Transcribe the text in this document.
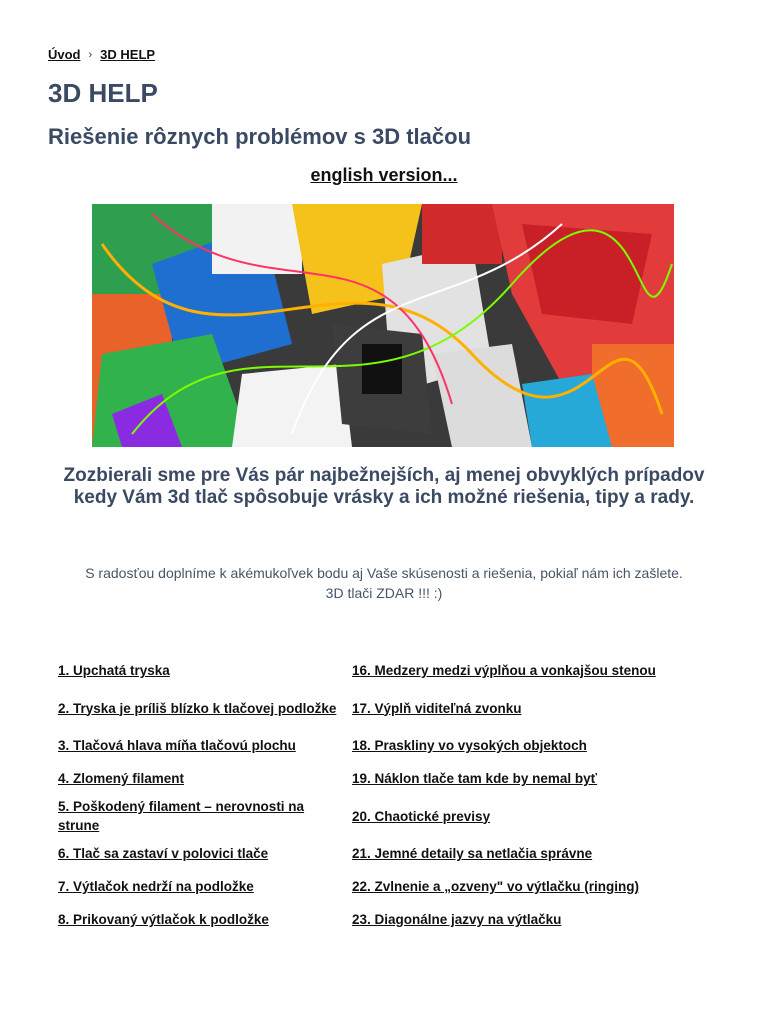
Úvod › 3D HELP
3D HELP
Riešenie rôznych problémov s 3D tlačou
english version...

Zozbierali sme pre Vás pár najbežnejších, aj menej obvyklých prípadov kedy Vám 3d tlač spôsobuje vrásky a ich možné riešenia, tipy a rady.

S radosťou doplníme k akémukoľvek bodu aj Vaše skúsenosti a riešenia, pokiaľ nám ich zašlete.
3D tlači ZDAR !!! :)
1. Upchatá tryska
2. Tryska je príliš blízko k tlačovej podložke
3. Tlačová hlava míňa tlačovú plochu
4. Zlomený filament
5. Poškodený filament – nerovnosti na strune
6. Tlač sa zastaví v polovici tlače
7. Výtlačok nedrží na podložke
8. Prikovaný výtlačok k podložke
16. Medzery medzi výplňou a vonkajšou stenou
17. Výplň viditeľná zvonku
18. Praskliny vo vysokých objektoch
19. Náklon tlače tam kde by nemal byť
20. Chaotické previsy
21. Jemné detaily sa netlačia správne
22. Zvlnenie a „ozveny" vo výtlačku (ringing)
23. Diagonálne jazvy na výtlačku
